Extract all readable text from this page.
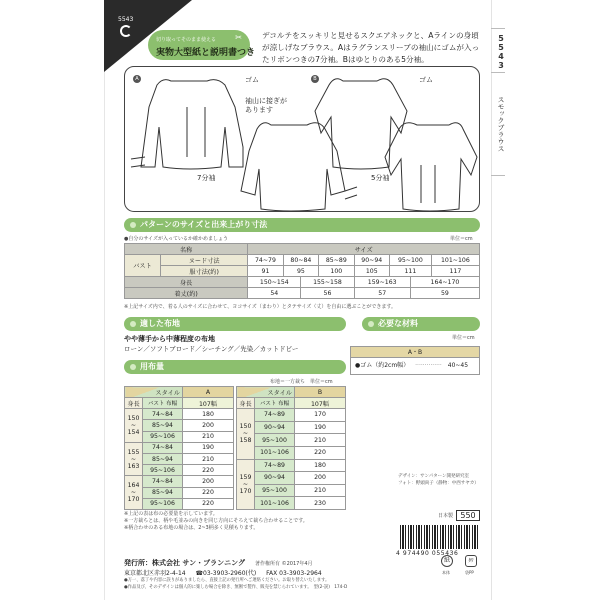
5543
切り取ってそのまま使える ✂
実物大型紙と説明書つき
デコルテをスッキリと見せるスクエアネックと、Aラインの身頃が涼しげなブラウス。Aはラグランスリーブの袖山にゴムが入ったリボンつきの7分袖。Bはゆとりのある5分袖。
5
5
4
3
スモックブラウス
A	B
ゴム	ゴム
袖山に接ぎが
あります
7分袖	5分袖
パターンのサイズと出来上がり寸法
●自分のサイズが入っているか確かめましょう	単位＝cm
名称		サイズ							
バスト	ヌード寸法	74~79	80~84		85~89	90~94	95~100		101~106
	服寸法(約)	91	95		100	105	111		117
身長		150~154		155~158		159~163		164~170	
着丈(約)		54		56		57		59	
※上記サイズ内で、着る人のサイズに合わせて、ヨコサイズ（まわり）とタテサイズ（丈）を自由に選ぶことができます。
適した布地
やや薄手から中薄程度の布地
ローン／ソフトブロード／シーチング／先染／カットドビー
必要な材料
単位＝cm
A・B
●ゴム（約2cm幅） ·············· 40~45
用布量
布地＝一方裁ち　単位＝cm
スタイル		A
身長	バスト 布幅	107幅
150
~
154	74~84	180
	85~94	200
	95~106	210
155
~
163	74~84	190
	85~94	210
	95~106	220
164
~
170	74~84	200
	85~94	220
	95~106	220
スタイル		B
身長	バスト 布幅	107幅
150
~
158	74~89	170
	90~94	190
	95~100	210
	101~106	220
159
~
170	74~89	180
	90~94	200
	95~100	210
	101~106	230
※上記の表は布の必要量を示しています。
※一方裁ちとは、柄や毛並みの向きを同じ方向にそろえて裁ち合わせることです。
※柄合わせのある布地の場合は、2~3柄多く見積もります。
デザイン：サンパターン開発研究室
フォト：野頭尚子（静物：中西サヤカ）
日本製 550
4 974490 055436
発行所：株式会社 サン・プランニング 著作権所有 ©2017年4月
東京都北区赤羽2-4-14 ☎03-3903-2960(代) FAX 03-3903-2964
●万一、落丁や内容に誤りがありましたら、直接上記の発行所へご連絡ください。お取り替えいたします。
●作品及び、そのデザインは個人的に楽しむ場合を除き、無断で製作、販売を禁じられています。　型(2-誤)　174-D
紙	ﾀﾜ
本体	袋PP
